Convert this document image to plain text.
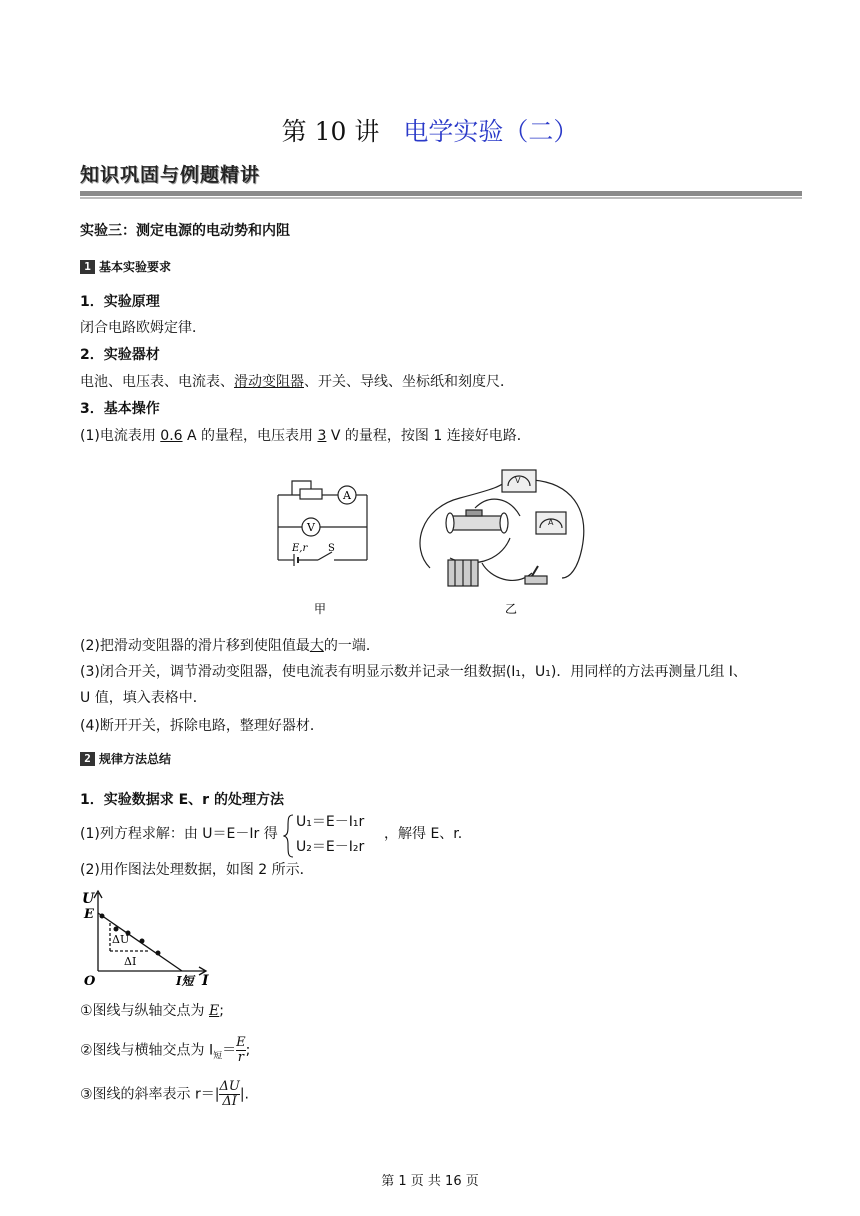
第 10 讲 电学实验（二）
知识巩固与例题精讲
实验三：测定电源的电动势和内阻
1 基本实验要求
1．实验原理
闭合电路欧姆定律．
2．实验器材
电池、电压表、电流表、滑动变阻器、开关、导线、坐标纸和刻度尺．
3．基本操作
(1)电流表用 0.6 A 的量程，电压表用 3 V 的量程，按图 1 连接好电路．
A
V
E,r S
甲
V
A
乙
(2)把滑动变阻器的滑片移到使阻值最大的一端．
(3)闭合开关，调节滑动变阻器，使电流表有明显示数并记录一组数据(I₁，U₁)．用同样的方法再测量几组 I、
U 值，填入表格中．
(4)断开开关，拆除电路，整理好器材．
2 规律方法总结
1．实验数据求 E、r 的处理方法
(1)列方程求解：由 U＝E－Ir 得
U₁＝E－I₁r
U₂＝E－I₂r
，解得 E、r.
(2)用作图法处理数据，如图 2 所示．
U
E
ΔU
ΔI
O	I短 I
①图线与纵轴交点为 E;
②图线与横轴交点为 $I_短= \frac{E}{r}$ ;
③图线的斜率表示 $r=| \frac{\Delta U}{\Delta I}$ |.
第 1 页 共 16 页
